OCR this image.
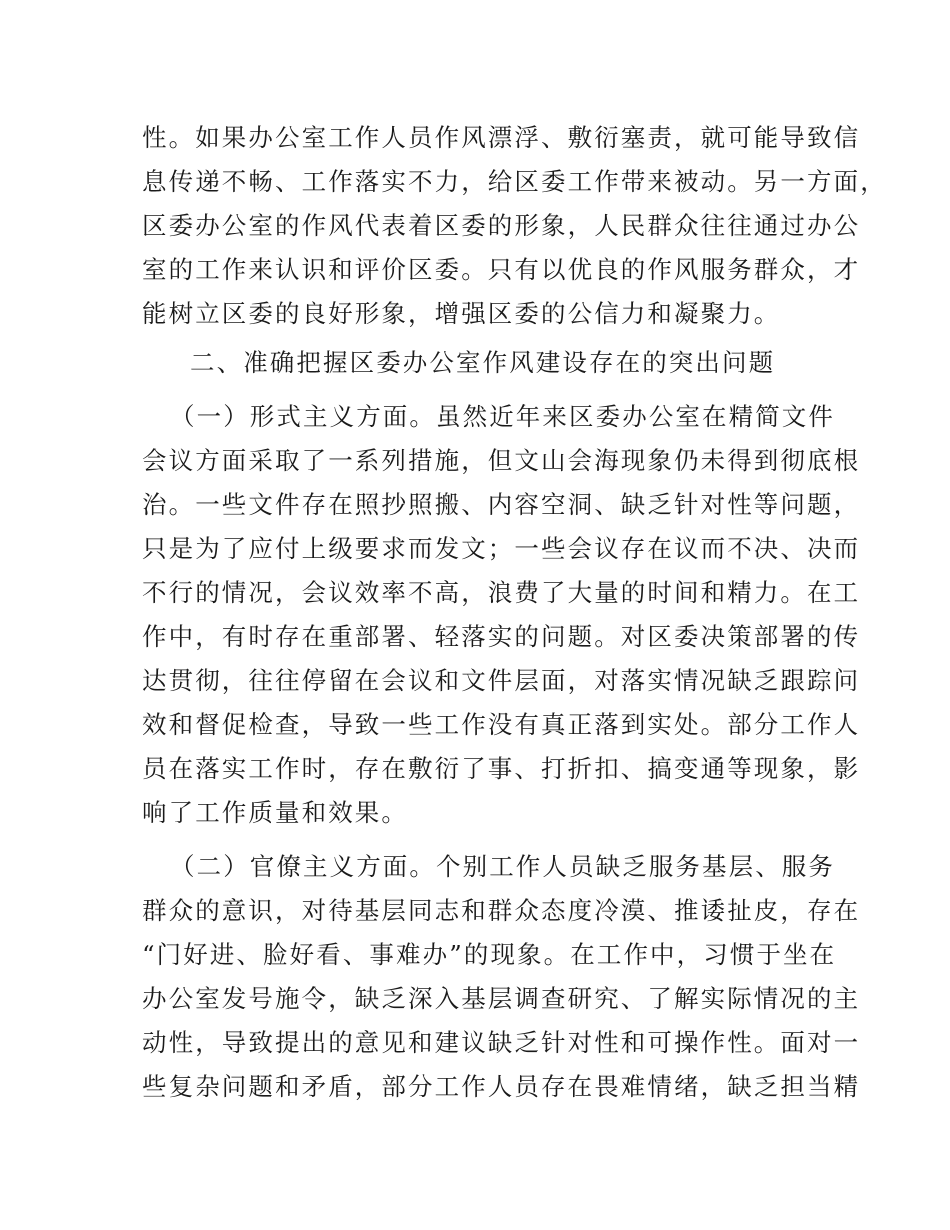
性。如果办公室工作人员作风漂浮、敷衍塞责，就可能导致信
息传递不畅、工作落实不力，给区委工作带来被动。另一方面，
区委办公室的作风代表着区委的形象，人民群众往往通过办公
室的工作来认识和评价区委。只有以优良的作风服务群众，才
能树立区委的良好形象，增强区委的公信力和凝聚力。
二、准确把握区委办公室作风建设存在的突出问题
（一）形式主义方面。虽然近年来区委办公室在精简文件
会议方面采取了一系列措施，但文山会海现象仍未得到彻底根
治。一些文件存在照抄照搬、内容空洞、缺乏针对性等问题，
只是为了应付上级要求而发文；一些会议存在议而不决、决而
不行的情况，会议效率不高，浪费了大量的时间和精力。在工
作中，有时存在重部署、轻落实的问题。对区委决策部署的传
达贯彻，往往停留在会议和文件层面，对落实情况缺乏跟踪问
效和督促检查，导致一些工作没有真正落到实处。部分工作人
员在落实工作时，存在敷衍了事、打折扣、搞变通等现象，影
响了工作质量和效果。
（二）官僚主义方面。个别工作人员缺乏服务基层、服务
群众的意识，对待基层同志和群众态度冷漠、推诿扯皮，存在
“门好进、脸好看、事难办”的现象。在工作中，习惯于坐在
办公室发号施令，缺乏深入基层调查研究、了解实际情况的主
动性，导致提出的意见和建议缺乏针对性和可操作性。面对一
些复杂问题和矛盾，部分工作人员存在畏难情绪，缺乏担当精
